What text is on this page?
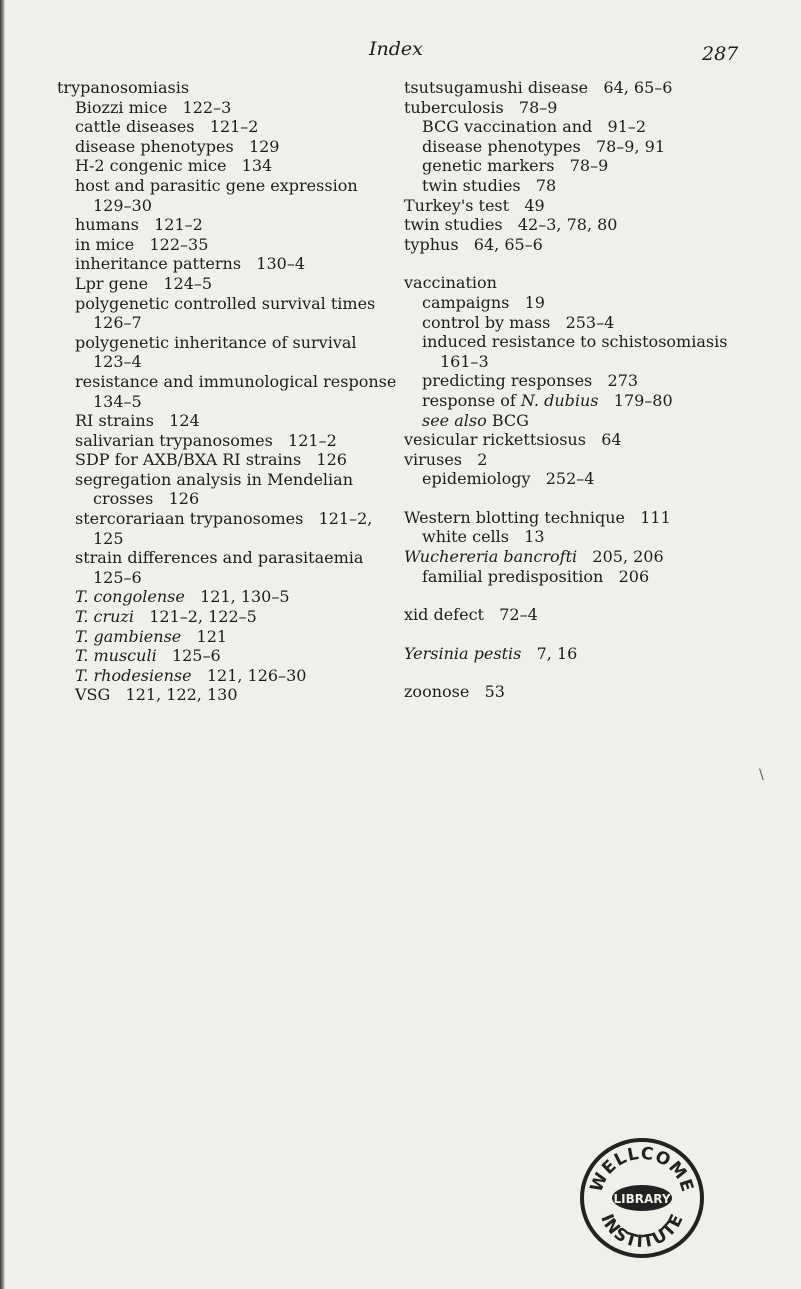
Index	287
trypanosomiasis
Biozzi mice   122–3
cattle diseases   121–2
disease phenotypes   129
H-2 congenic mice   134
host and parasitic gene expression
129–30
humans   121–2
in mice   122–35
inheritance patterns   130–4
Lpr gene   124–5
polygenetic controlled survival times
126–7
polygenetic inheritance of survival
123–4
resistance and immunological response
134–5
RI strains   124
salivarian trypanosomes   121–2
SDP for AXB/BXA RI strains   126
segregation analysis in Mendelian
crosses   126
stercorariaan trypanosomes   121–2,
125
strain differences and parasitaemia
125–6
T. congolense   121, 130–5
T. cruzi   121–2, 122–5
T. gambiense   121
T. musculi   125–6
T. rhodesiense   121, 126–30
VSG   121, 122, 130
tsutsugamushi disease   64, 65–6
tuberculosis   78–9
BCG vaccination and   91–2
disease phenotypes   78–9, 91
genetic markers   78–9
twin studies   78
Turkey's test   49
twin studies   42–3, 78, 80
typhus   64, 65–6
vaccination
campaigns   19
control by mass   253–4
induced resistance to schistosomiasis
161–3
predicting responses   273
response of N. dubius   179–80
see also BCG
vesicular rickettsiosus   64
viruses   2
epidemiology   252–4
Western blotting technique   111
white cells   13
Wuchereria bancrofti   205, 206
familial predisposition   206
xid defect   72–4
Yersinia pestis   7, 16
zoonose   53
\
WELLCOME
LIBRARY
INSTITUTE
